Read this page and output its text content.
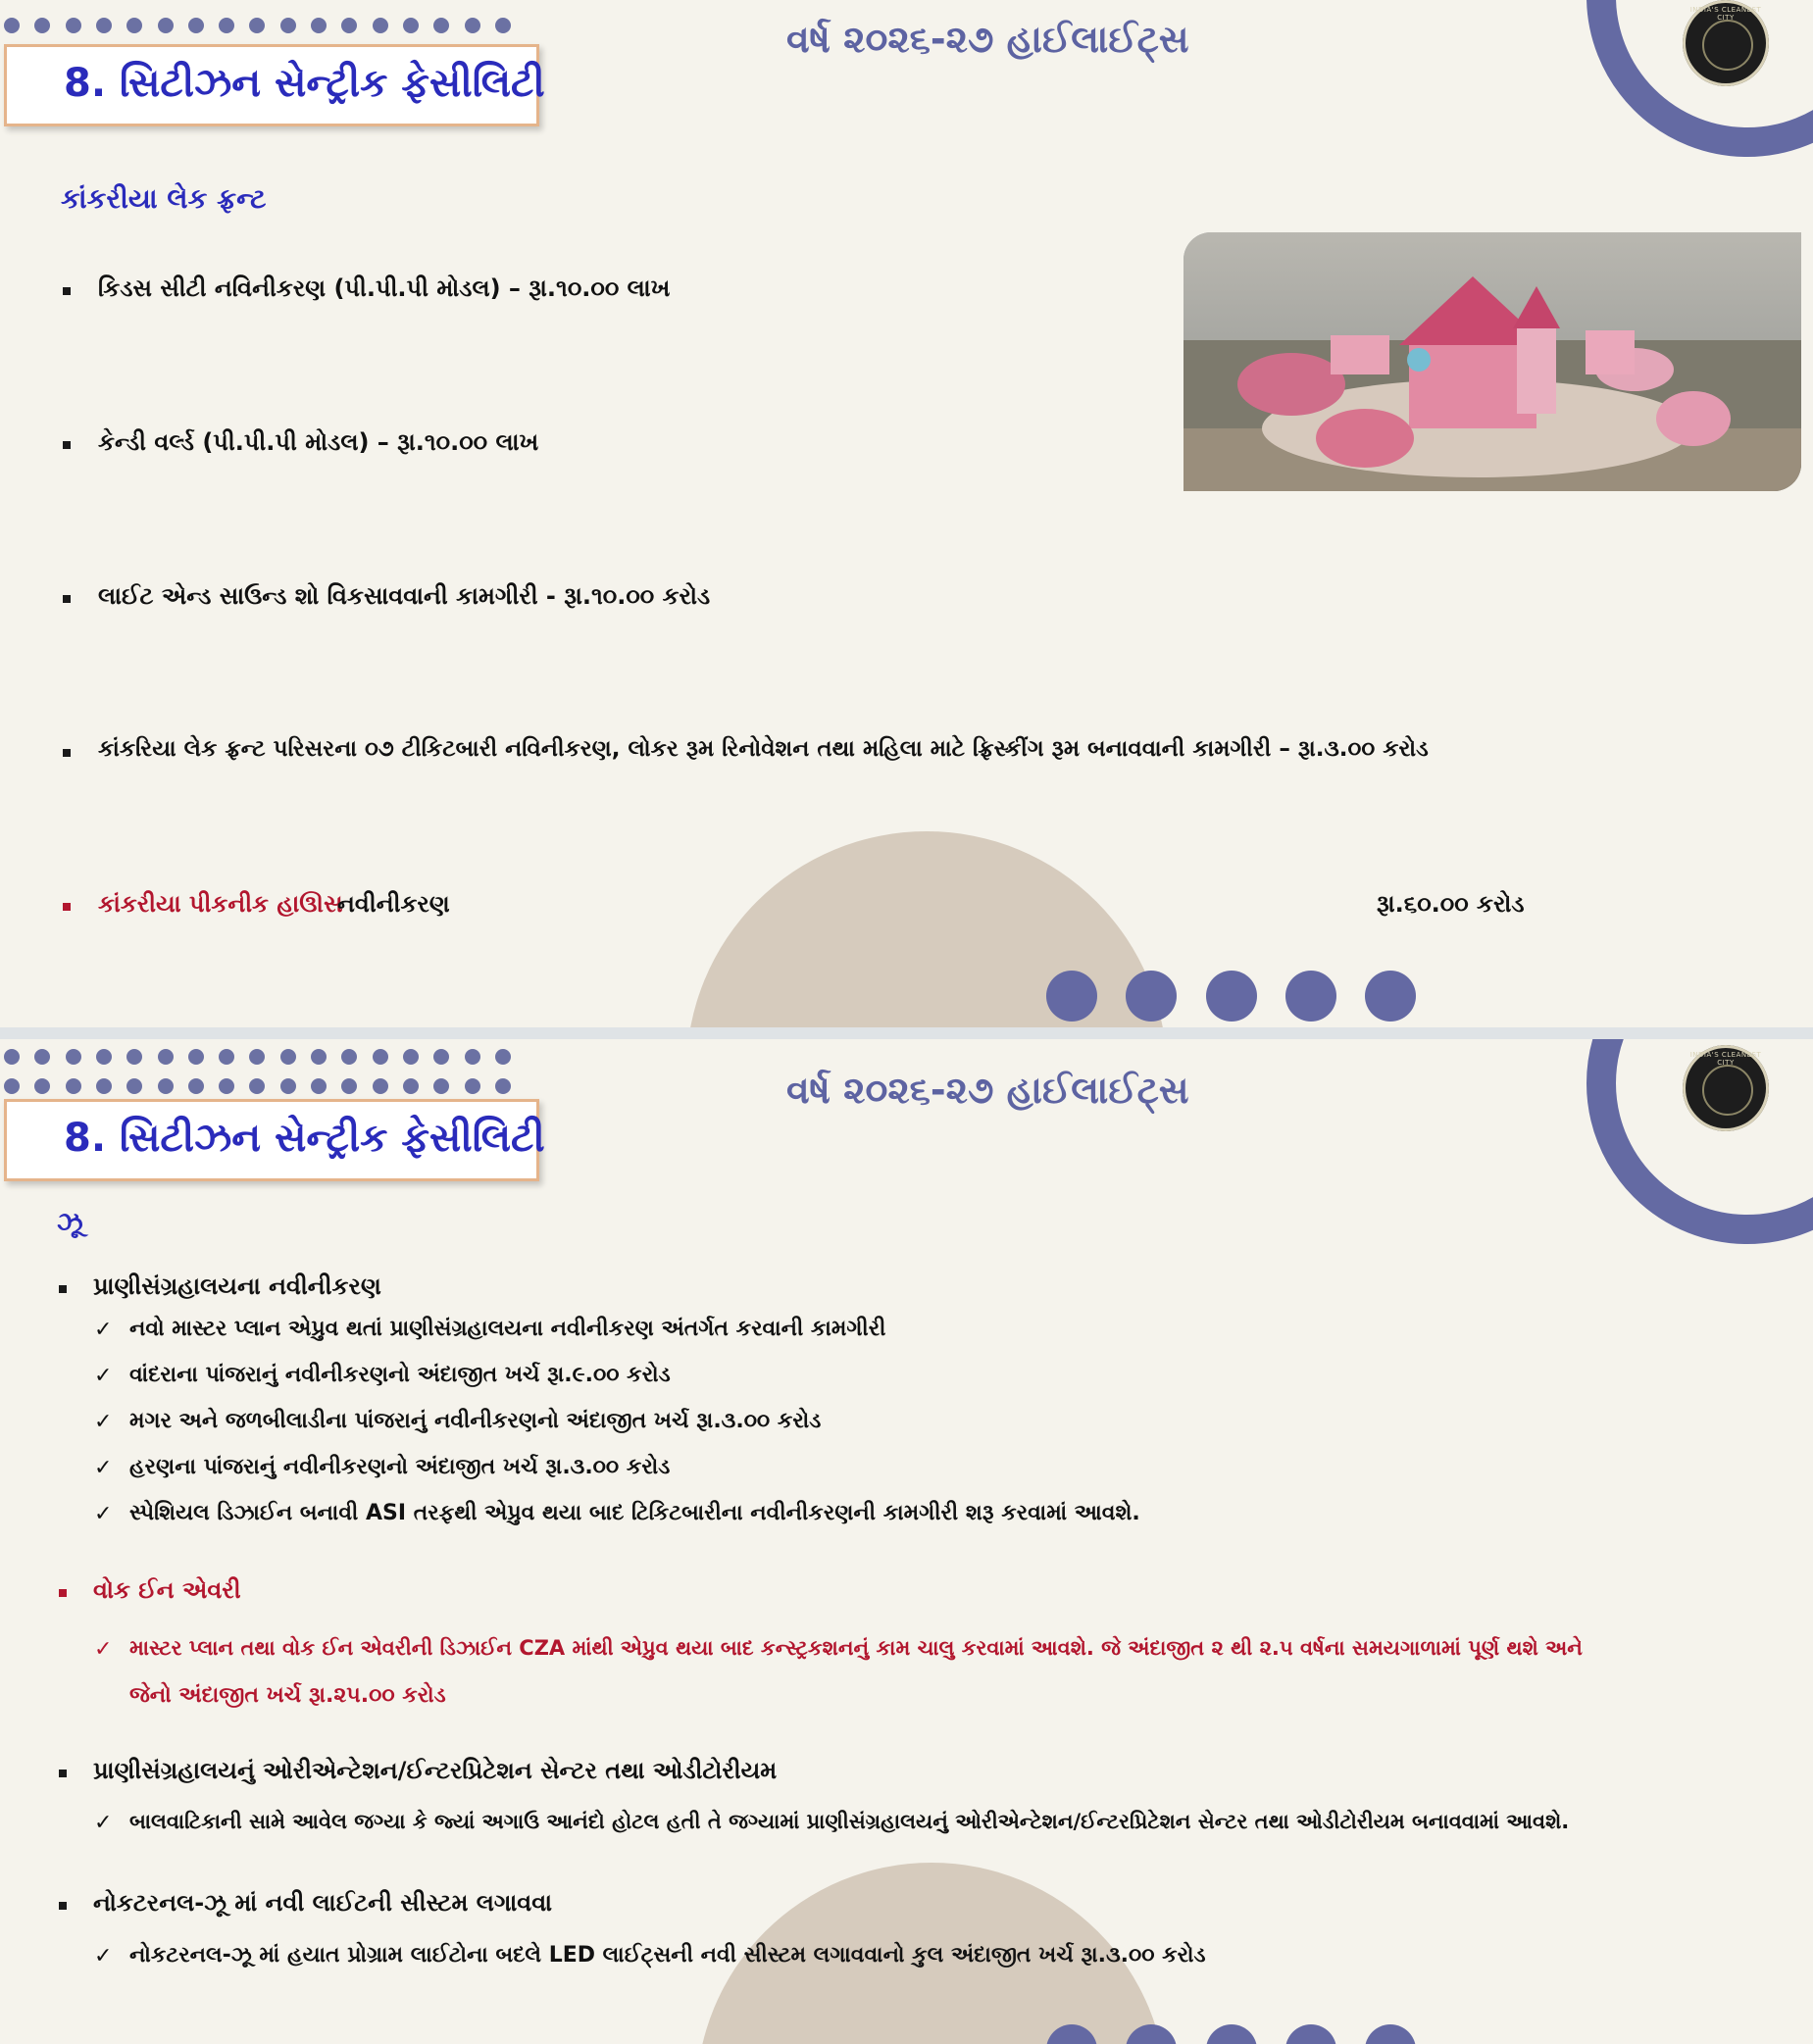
INDIA'S CLEANEST CITY
વર્ષ ૨૦૨૬-૨૭ હાઈલાઈટ્સ
8. સિટીઝન સેન્ટ્રીક ફેસીલિટી
કાંકરીયા લેક ફ્રન્ટ
કિડસ સીટી નવિનીકરણ (પી.પી.પી મોડલ) – રૂા.૧૦.૦૦ લાખ
કેન્ડી વર્લ્ડ (પી.પી.પી મોડલ) – રૂા.૧૦.૦૦ લાખ
લાઈટ એન્ડ સાઉન્ડ શો વિકસાવવાની કામગીરી - રૂા.૧૦.૦૦ કરોડ
કાંકરિયા લેક ફ્રન્ટ પરિસરના ૦૭ ટીકિટબારી નવિનીકરણ, લોકર રૂમ રિનોવેશન તથા મહિલા માટે ફ્રિસ્કીંગ રૂમ બનાવવાની કામગીરી – રૂા.૩.૦૦ કરોડ
કાંકરીયા પીકનીક હાઊસ
નવીનીકરણ	રૂા.૬૦.૦૦ કરોડ
INDIA'S CLEANEST CITY
વર્ષ ૨૦૨૬-૨૭ હાઈલાઈટ્સ
8. સિટીઝન સેન્ટ્રીક ફેસીલિટી
ઝૂ
પ્રાણીસંગ્રહાલયના નવીનીકરણ
✓ નવો માસ્ટર પ્લાન એપ્રુવ થતાં પ્રાણીસંગ્રહાલયના નવીનીકરણ અંતર્ગત કરવાની કામગીરી
✓ વાંદરાના પાંજરાનું નવીનીકરણનો અંદાજીત ખર્ચ રૂા.૯.૦૦ કરોડ
✓ મગર અને જળબીલાડીના પાંજરાનું નવીનીકરણનો અંદાજીત ખર્ચ રૂા.૩.૦૦ કરોડ
✓ હરણના પાંજરાનું નવીનીકરણનો અંદાજીત ખર્ચ રૂા.૩.૦૦ કરોડ
✓ સ્પેશિયલ ડિઝાઈન બનાવી ASI તરફથી એપ્રુવ થયા બાદ ટિકિટબારીના નવીનીકરણની કામગીરી શરૂ કરવામાં આવશે.
વોક ઈન એવરી
✓ માસ્ટર પ્લાન તથા વોક ઈન એવરીની ડિઝાઈન CZA માંથી એપ્રુવ થયા બાદ કન્સ્ટ્રકશનનું કામ ચાલુ કરવામાં આવશે. જે અંદાજીત ૨ થી ૨.૫ વર્ષના સમયગાળામાં પૂર્ણ થશે અને
જેનો અંદાજીત ખર્ચ રૂા.૨૫.૦૦ કરોડ
પ્રાણીસંગ્રહાલયનું ઓરીએન્ટેશન/ઈન્ટરપ્રિટેશન સેન્ટર તથા ઓડીટોરીયમ
✓ બાલવાટિકાની સામે આવેલ જગ્યા કે જ્યાં અગાઉ આનંદો હોટલ હતી તે જગ્યામાં પ્રાણીસંગ્રહાલયનું ઓરીએન્ટેશન/ઈન્ટરપ્રિટેશન સેન્ટર તથા ઓડીટોરીયમ બનાવવામાં આવશે.
નોકટરનલ-ઝૂ માં નવી લાઈટની સીસ્ટમ લગાવવા
✓ નોકટરનલ-ઝૂ માં હયાત પ્રોગ્રામ લાઈટોના બદલે LED લાઈટ્સની નવી સીસ્ટમ લગાવવાનો કુલ અંદાજીત ખર્ચ રૂા.૩.૦૦ કરોડ
